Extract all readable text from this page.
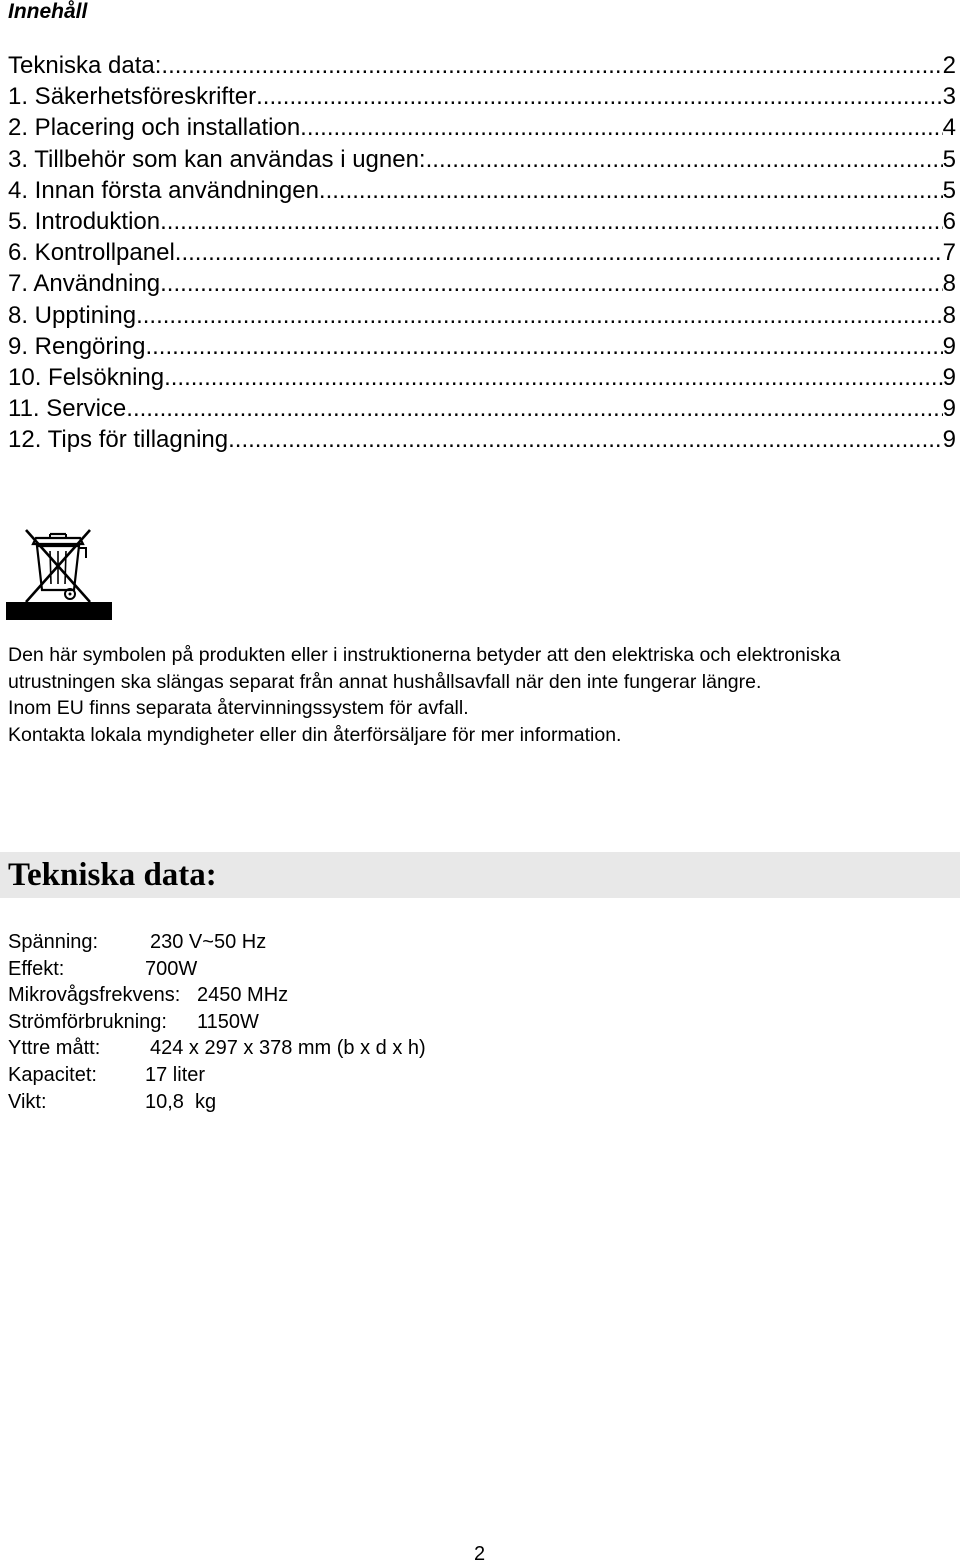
Innehåll
Tekniska data: .....	2
1. Säkerhetsföreskrifter .....	3
2. Placering och installation .....	4
3. Tillbehör som kan användas i ugnen: .....	5
4. Innan första användningen .....	5
5. Introduktion .....	6
6. Kontrollpanel .....	7
7. Användning .....	8
8. Upptining .....	8
9. Rengöring .....	9
10. Felsökning .....	9
11. Service .....	9
12. Tips för tillagning .....	9

Den här symbolen på produkten eller i instruktionerna betyder att den elektriska och elektroniska utrustningen ska slängas separat från annat hushållsavfall när den inte fungerar längre.

Inom EU finns separata återvinningssystem för avfall.

Kontakta lokala myndigheter eller din återförsäljare för mer information.

Tekniska data:
Spänning:	230 V~50 Hz
Effekt:	700W
Mikrovågsfrekvens: 2450 MHz
Strömförbrukning: 1150W
Yttre mått: 424 x 297 x 378 mm (b x d x h)
Kapacitet: 17 liter
Vikt:	10,8  kg
2
